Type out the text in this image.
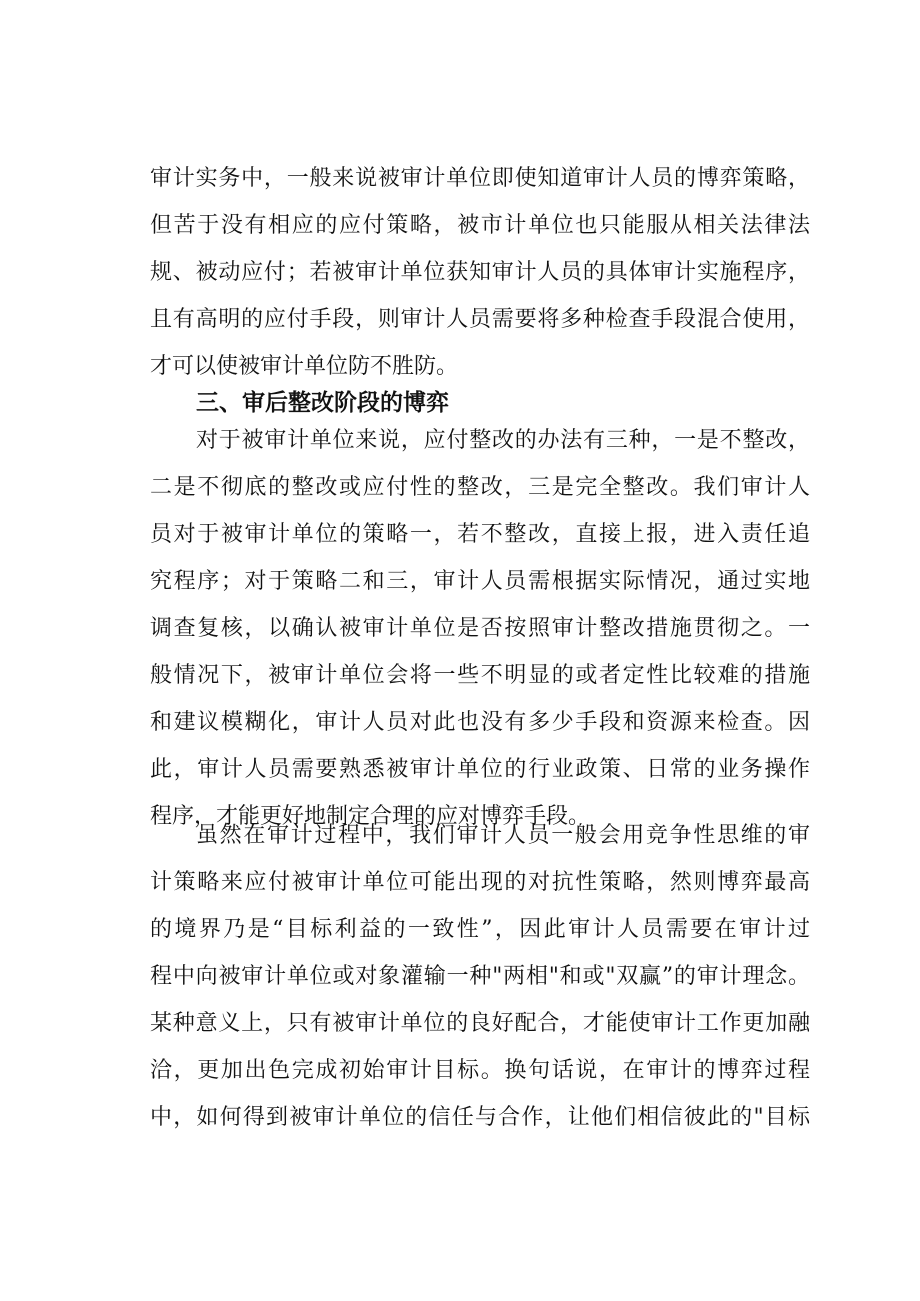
审计实务中，一般来说被审计单位即使知道审计人员的博弈策略，
但苦于没有相应的应付策略，被市计单位也只能服从相关法律法
规、被动应付；若被审计单位获知审计人员的具体审计实施程序，
且有高明的应付手段，则审计人员需要将多种检查手段混合使用，
才可以使被审计单位防不胜防。
三、审后整改阶段的博弈
对于被审计单位来说，应付整改的办法有三种，一是不整改，
二是不彻底的整改或应付性的整改，三是完全整改。我们审计人
员对于被审计单位的策略一，若不整改，直接上报，进入责任追
究程序；对于策略二和三，审计人员需根据实际情况，通过实地
调查复核，以确认被审计单位是否按照审计整改措施贯彻之。一
般情况下，被审计单位会将一些不明显的或者定性比较难的措施
和建议模糊化，审计人员对此也没有多少手段和资源来检查。因
此，审计人员需要熟悉被审计单位的行业政策、日常的业务操作
程序，才能更好地制定合理的应对博弈手段。
虽然在审计过程中，我们审计人员一般会用竞争性思维的审
计策略来应付被审计单位可能出现的对抗性策略，然则博弈最高
的境界乃是“目标利益的一致性”，因此审计人员需要在审计过
程中向被审计单位或对象灌输一种"两相"和或"双赢”的审计理念。
某种意义上，只有被审计单位的良好配合，才能使审计工作更加融
洽，更加出色完成初始审计目标。换句话说，在审计的博弈过程
中，如何得到被审计单位的信任与合作，让他们相信彼此的"目标
